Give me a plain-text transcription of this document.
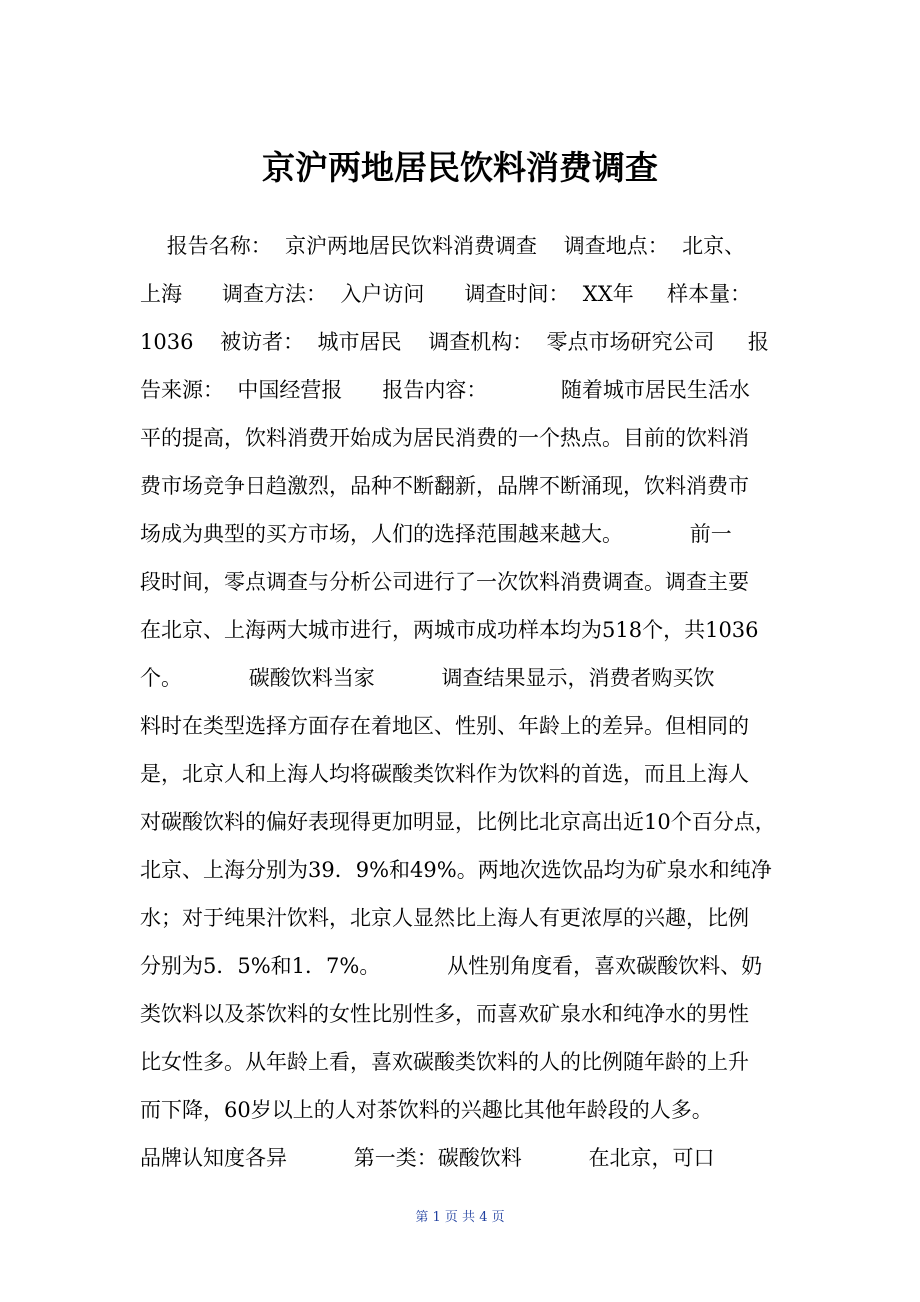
京沪两地居民饮料消费调查
报告名称：  京沪两地居民饮料消费调查    调查地点：  北京、
上海      调查方法：  入户访问      调查时间：  XX年     样本量：
1036    被访者：  城市居民    调查机构：  零点市场研究公司     报
告来源：  中国经营报      报告内容：           随着城市居民生活水
平的提高，饮料消费开始成为居民消费的一个热点。目前的饮料消
费市场竞争日趋激烈，品种不断翻新，品牌不断涌现，饮料消费市
场成为典型的买方市场，人们的选择范围越来越大。          前一
段时间，零点调查与分析公司进行了一次饮料消费调查。调查主要
在北京、上海两大城市进行，两城市成功样本均为518个，共1036
个。          碳酸饮料当家          调查结果显示，消费者购买饮
料时在类型选择方面存在着地区、性别、年龄上的差异。但相同的
是，北京人和上海人均将碳酸类饮料作为饮料的首选，而且上海人
对碳酸饮料的偏好表现得更加明显，比例比北京高出近10个百分点，
北京、上海分别为39．9%和49%。两地次选饮品均为矿泉水和纯净
水；对于纯果汁饮料，北京人显然比上海人有更浓厚的兴趣，比例
分别为5．5%和1．7%。          从性别角度看，喜欢碳酸饮料、奶
类饮料以及茶饮料的女性比别性多，而喜欢矿泉水和纯净水的男性
比女性多。从年龄上看，喜欢碳酸类饮料的人的比例随年龄的上升
而下降，60岁以上的人对茶饮料的兴趣比其他年龄段的人多。
品牌认知度各异          第一类：碳酸饮料          在北京，可口
第 1 页 共 4 页
